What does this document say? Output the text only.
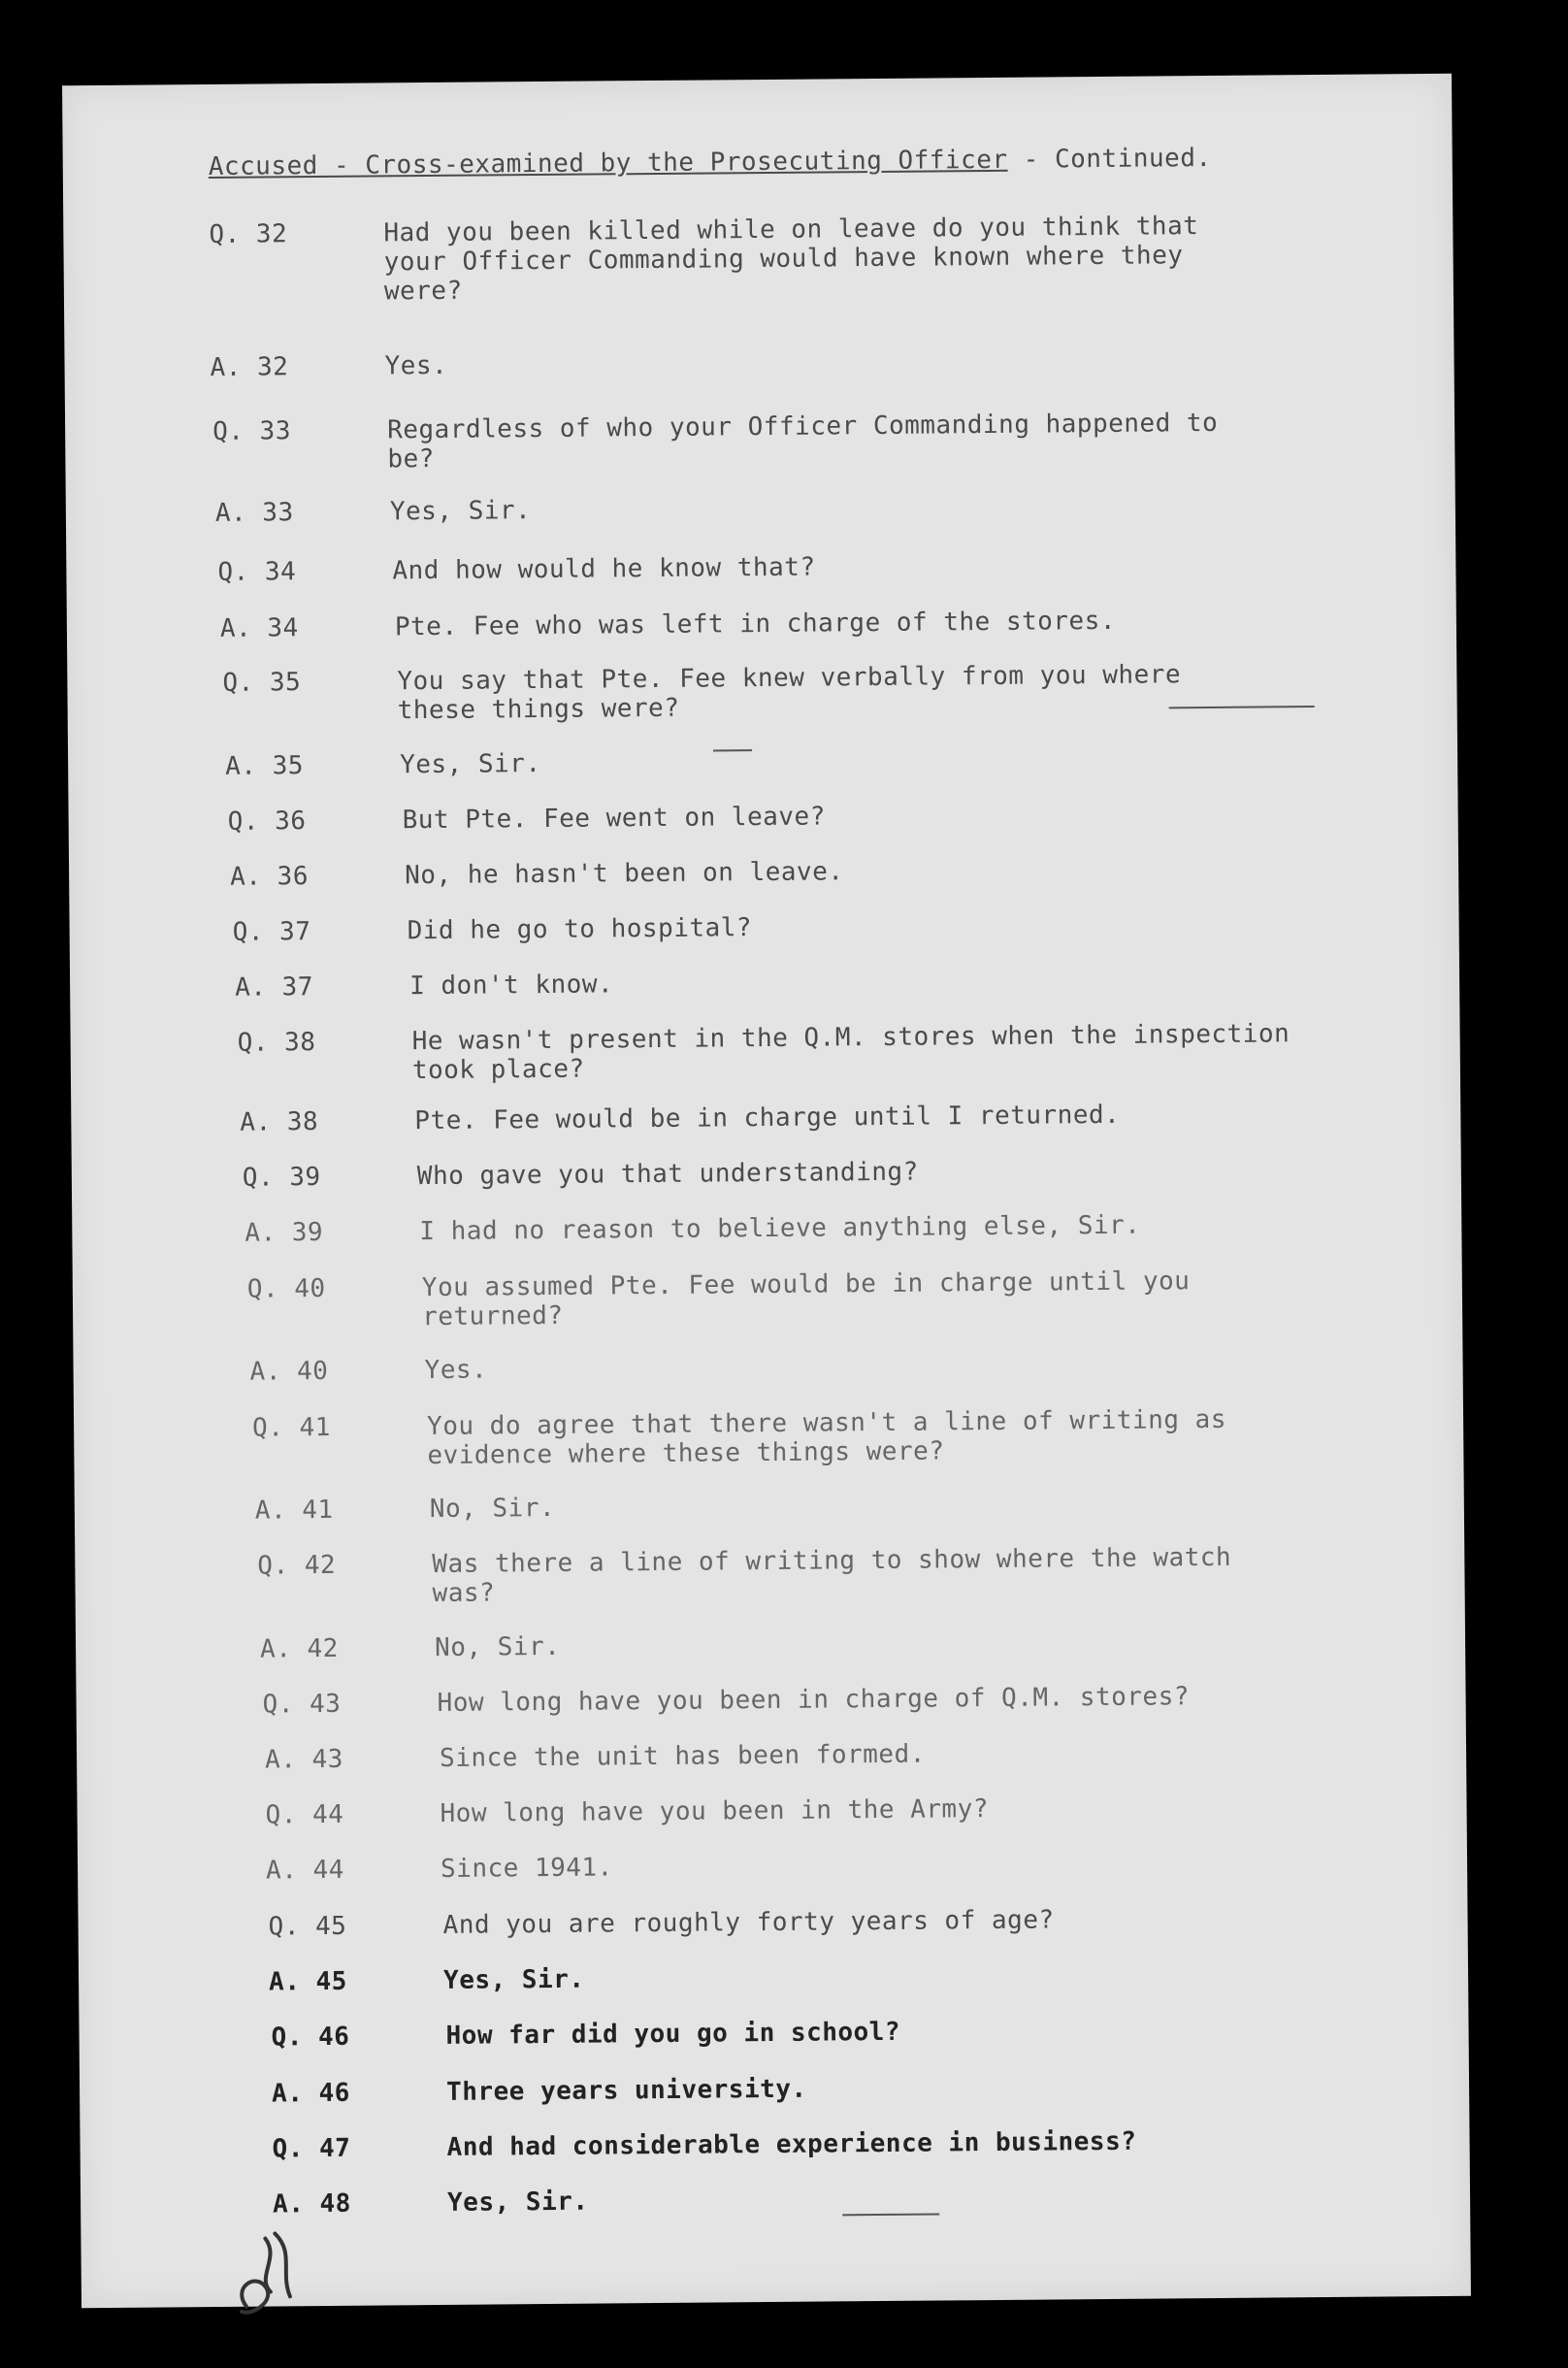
Accused - Cross-examined by the Prosecuting Officer - Continued.
Q. 32	Had you been killed while on leave do you think that
your Officer Commanding would have known where they
were?
A. 32	Yes.
Q. 33	Regardless of who your Officer Commanding happened to
be?
A. 33	Yes, Sir.
Q. 34	And how would he know that?
A. 34	Pte. Fee who was left in charge of the stores.
Q. 35	You say that Pte. Fee knew verbally from you where
these things were?
A. 35	Yes, Sir.
Q. 36	But Pte. Fee went on leave?
A. 36	No, he hasn't been on leave.
Q. 37	Did he go to hospital?
A. 37	I don't know.
Q. 38	He wasn't present in the Q.M. stores when the inspection
took place?
A. 38	Pte. Fee would be in charge until I returned.
Q. 39	Who gave you that understanding?
A. 39	I had no reason to believe anything else, Sir.
Q. 40	You assumed Pte. Fee would be in charge until you
returned?
A. 40	Yes.
Q. 41	You do agree that there wasn't a line of writing as
evidence where these things were?
A. 41	No, Sir.
Q. 42	Was there a line of writing to show where the watch
was?
A. 42	No, Sir.
Q. 43	How long have you been in charge of Q.M. stores?
A. 43	Since the unit has been formed.
Q. 44	How long have you been in the Army?
A. 44	Since 1941.
Q. 45	And you are roughly forty years of age?
A. 45	Yes, Sir.
Q. 46	How far did you go in school?
A. 46	Three years university.
Q. 47	And had considerable experience in business?
A. 48	Yes, Sir.
